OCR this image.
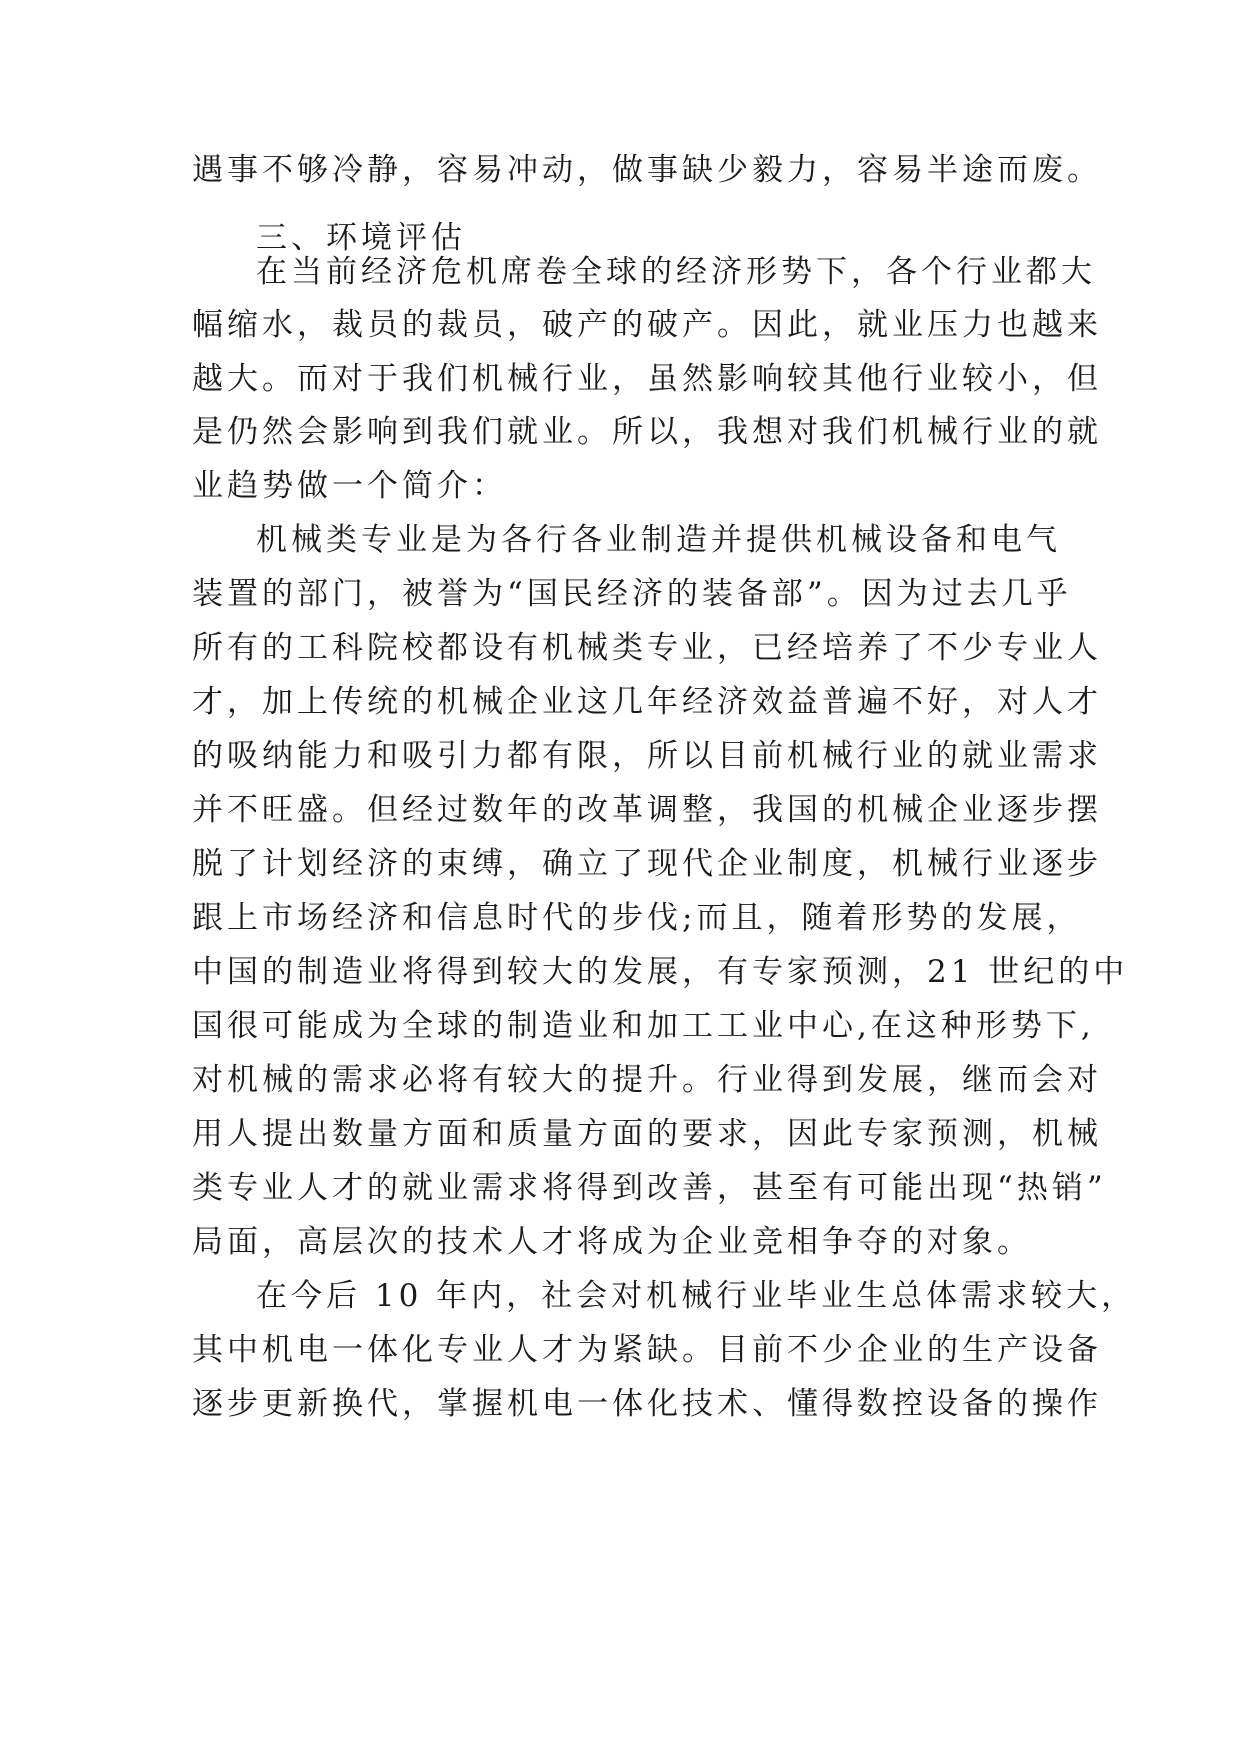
遇事不够冷静，容易冲动，做事缺少毅力，容易半途而废。
三、环境评估
在当前经济危机席卷全球的经济形势下，各个行业都大
幅缩水，裁员的裁员，破产的破产。因此，就业压力也越来
越大。而对于我们机械行业，虽然影响较其他行业较小，但
是仍然会影响到我们就业。所以，我想对我们机械行业的就
业趋势做一个简介：
机械类专业是为各行各业制造并提供机械设备和电气
装置的部门，被誉为“国民经济的装备部”。因为过去几乎
所有的工科院校都设有机械类专业，已经培养了不少专业人
才，加上传统的机械企业这几年经济效益普遍不好，对人才
的吸纳能力和吸引力都有限，所以目前机械行业的就业需求
并不旺盛。但经过数年的改革调整，我国的机械企业逐步摆
脱了计划经济的束缚，确立了现代企业制度，机械行业逐步
跟上市场经济和信息时代的步伐;而且，随着形势的发展，
中国的制造业将得到较大的发展，有专家预测，21 世纪的中
国很可能成为全球的制造业和加工工业中心,在这种形势下,
对机械的需求必将有较大的提升。行业得到发展，继而会对
用人提出数量方面和质量方面的要求，因此专家预测，机械
类专业人才的就业需求将得到改善，甚至有可能出现“热销”
局面，高层次的技术人才将成为企业竞相争夺的对象。
在今后 10 年内，社会对机械行业毕业生总体需求较大，
其中机电一体化专业人才为紧缺。目前不少企业的生产设备
逐步更新换代，掌握机电一体化技术、懂得数控设备的操作
